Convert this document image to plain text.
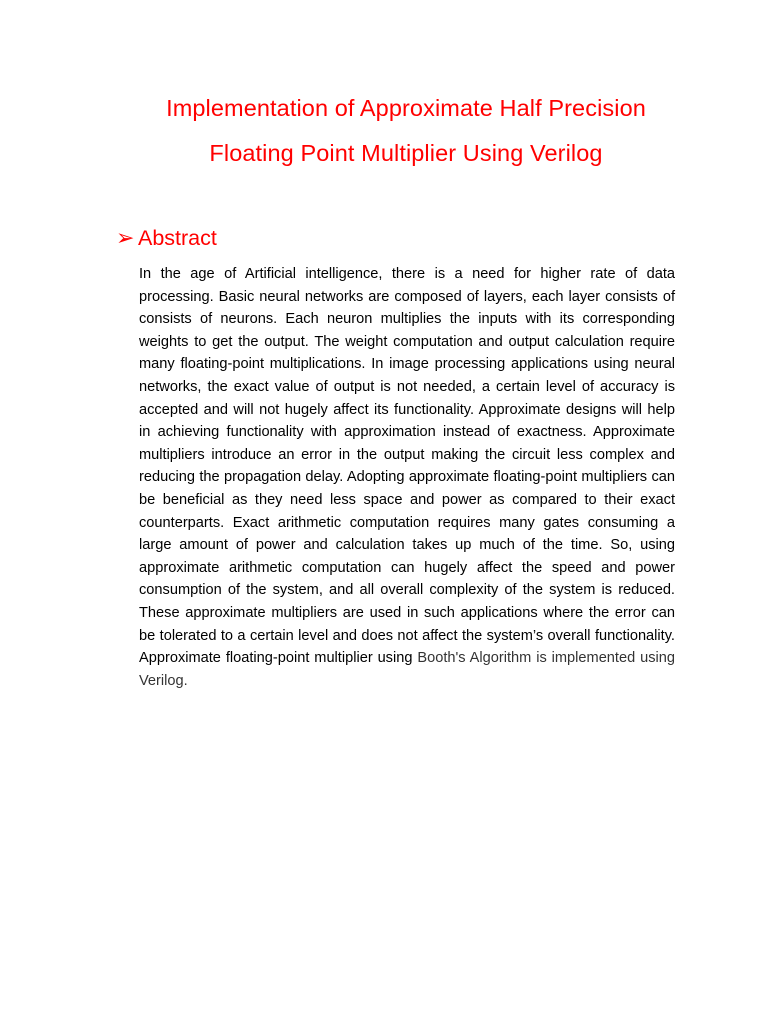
Implementation of Approximate Half Precision
Floating Point Multiplier Using Verilog
➢ Abstract

In the age of Artificial intelligence, there is a need for higher rate of data processing. Basic neural networks are composed of layers, each layer consists of consists of neurons. Each neuron multiplies the inputs with its corresponding weights to get the output. The weight computation and output calculation require many floating-point multiplications. In image processing applications using neural networks, the exact value of output is not needed, a certain level of accuracy is accepted and will not hugely affect its functionality. Approximate designs will help in achieving functionality with approximation instead of exactness. Approximate multipliers introduce an error in the output making the circuit less complex and reducing the propagation delay. Adopting approximate floating-point multipliers can be beneficial as they need less space and power as compared to their exact counterparts. Exact arithmetic computation requires many gates consuming a large amount of power and calculation takes up much of the time. So, using approximate arithmetic computation can hugely affect the speed and power consumption of the system, and all overall complexity of the system is reduced. These approximate multipliers are used in such applications where the error can be tolerated to a certain level and does not affect the system’s overall functionality. Approximate floating-point multiplier using Booth's Algorithm is implemented using Verilog.
